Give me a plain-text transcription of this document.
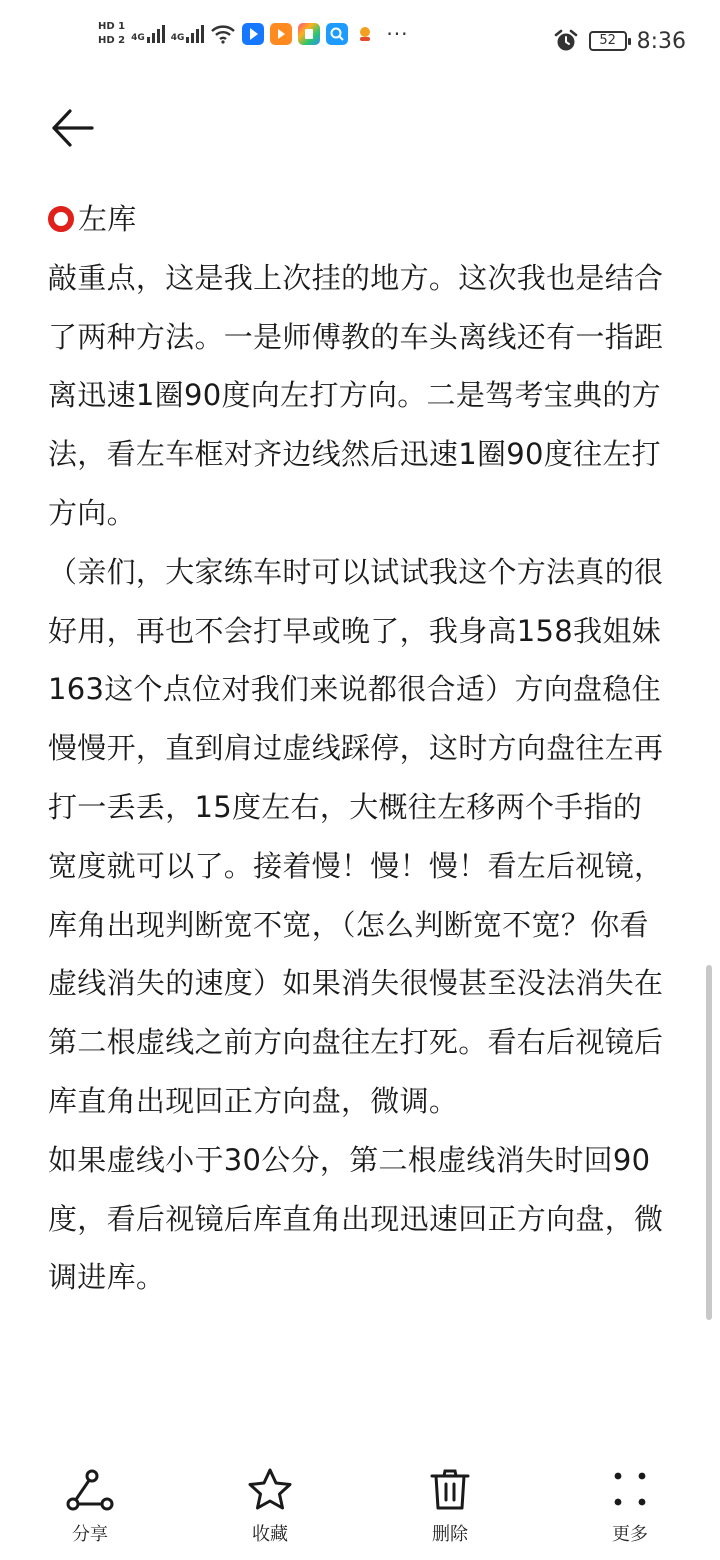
HD 1
HD 2 4G	4G	···	52 8:36

左库

敲重点，这是我上次挂的地方。这次我也是结合了两种方法。一是师傅教的车头离线还有一指距离迅速1圈90度向左打方向。二是驾考宝典的方法，看左车框对齐边线然后迅速1圈90度往左打方向。

（亲们，大家练车时可以试试我这个方法真的很好用，再也不会打早或晚了，我身高158我姐妹163这个点位对我们来说都很合适）方向盘稳住慢慢开，直到肩过虚线踩停，这时方向盘往左再打一丢丢，15度左右，大概往左移两个手指的宽度就可以了。接着慢！慢！慢！看左后视镜，库角出现判断宽不宽，（怎么判断宽不宽？你看虚线消失的速度）如果消失很慢甚至没法消失在第二根虚线之前方向盘往左打死。看右后视镜后库直角出现回正方向盘，微调。

如果虚线小于30公分，第二根虚线消失时回90度，看后视镜后库直角出现迅速回正方向盘，微调进库。

分享	收藏	删除	更多
